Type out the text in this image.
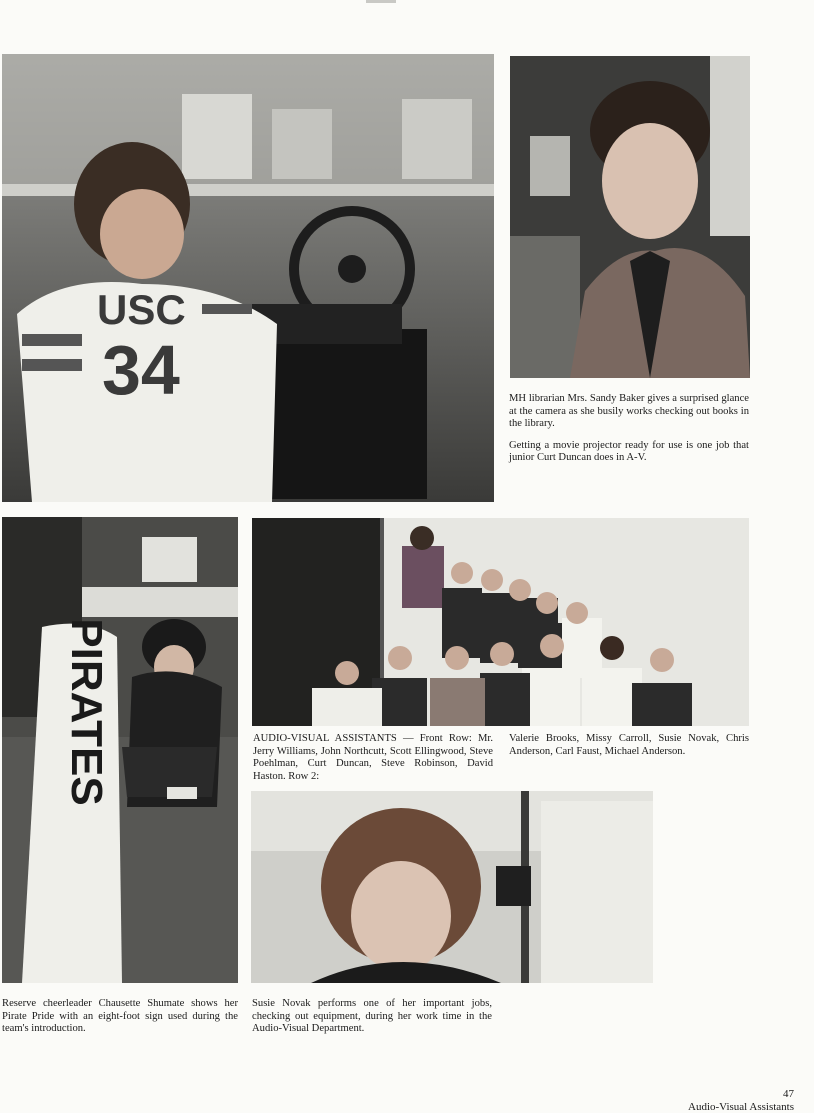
USC
34	MH librarian Mrs. Sandy Baker gives a surprised glance at the camera as she busily works checking out books in the library.

Getting a movie projector ready for use is one job that junior Curt Duncan does in A-V.

PIRATES	AUDIO-VISUAL ASSISTANTS — Front Row: Mr. Jerry Williams, John Northcutt, Scott Ellingwood, Steve Poehlman, Curt Duncan, Steve Robinson, David Haston. Row 2:

Valerie Brooks, Missy Carroll, Susie Novak, Chris Anderson, Carl Faust, Michael Anderson.

Reserve cheerleader Chausette Shumate shows her Pirate Pride with an eight-foot sign used during the team's introduction.
Susie Novak performs one of her important jobs, checking out equipment, during her work time in the Audio-Visual Department.
47
Audio-Visual Assistants
